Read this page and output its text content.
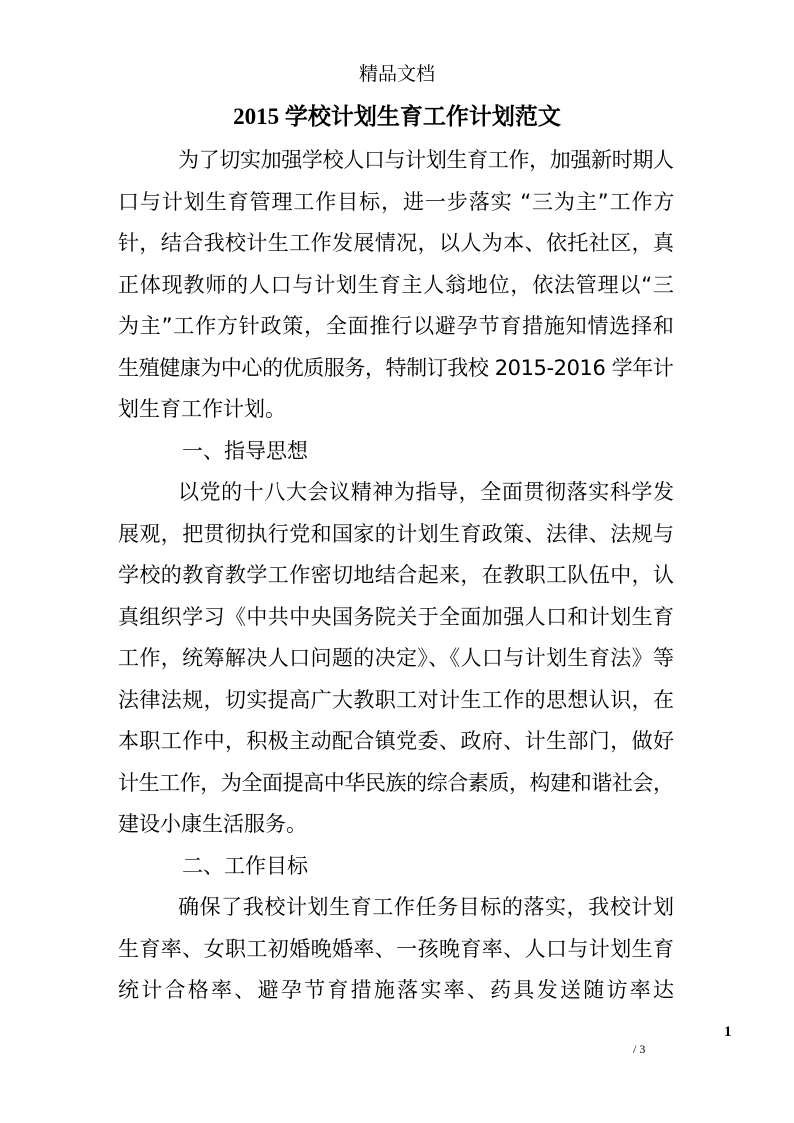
精品文档
2015 学校计划生育工作计划范文
为了切实加强学校人口与计划生育工作，加强新时期人
口与计划生育管理工作目标，进一步落实 “三为主”工作方
针，结合我校计生工作发展情况，以人为本、依托社区，真
正体现教师的人口与计划生育主人翁地位，依法管理以“三
为主”工作方针政策，全面推行以避孕节育措施知情选择和
生殖健康为中心的优质服务，特制订我校 2015-2016 学年计
划生育工作计划。
一、指导思想
以党的十八大会议精神为指导，全面贯彻落实科学发
展观，把贯彻执行党和国家的计划生育政策、法律、法规与
学校的教育教学工作密切地结合起来，在教职工队伍中，认
真组织学习《中共中央国务院关于全面加强人口和计划生育
工作，统筹解决人口问题的决定》、《人口与计划生育法》等
法律法规，切实提高广大教职工对计生工作的思想认识，在
本职工作中，积极主动配合镇党委、政府、计生部门，做好
计生工作，为全面提高中华民族的综合素质，构建和谐社会，
建设小康生活服务。
二、工作目标
确保了我校计划生育工作任务目标的落实，我校计划
生育率、女职工初婚晚婚率、一孩晚育率、人口与计划生育
统计合格率、避孕节育措施落实率、药具发送随访率达
1
/ 3
